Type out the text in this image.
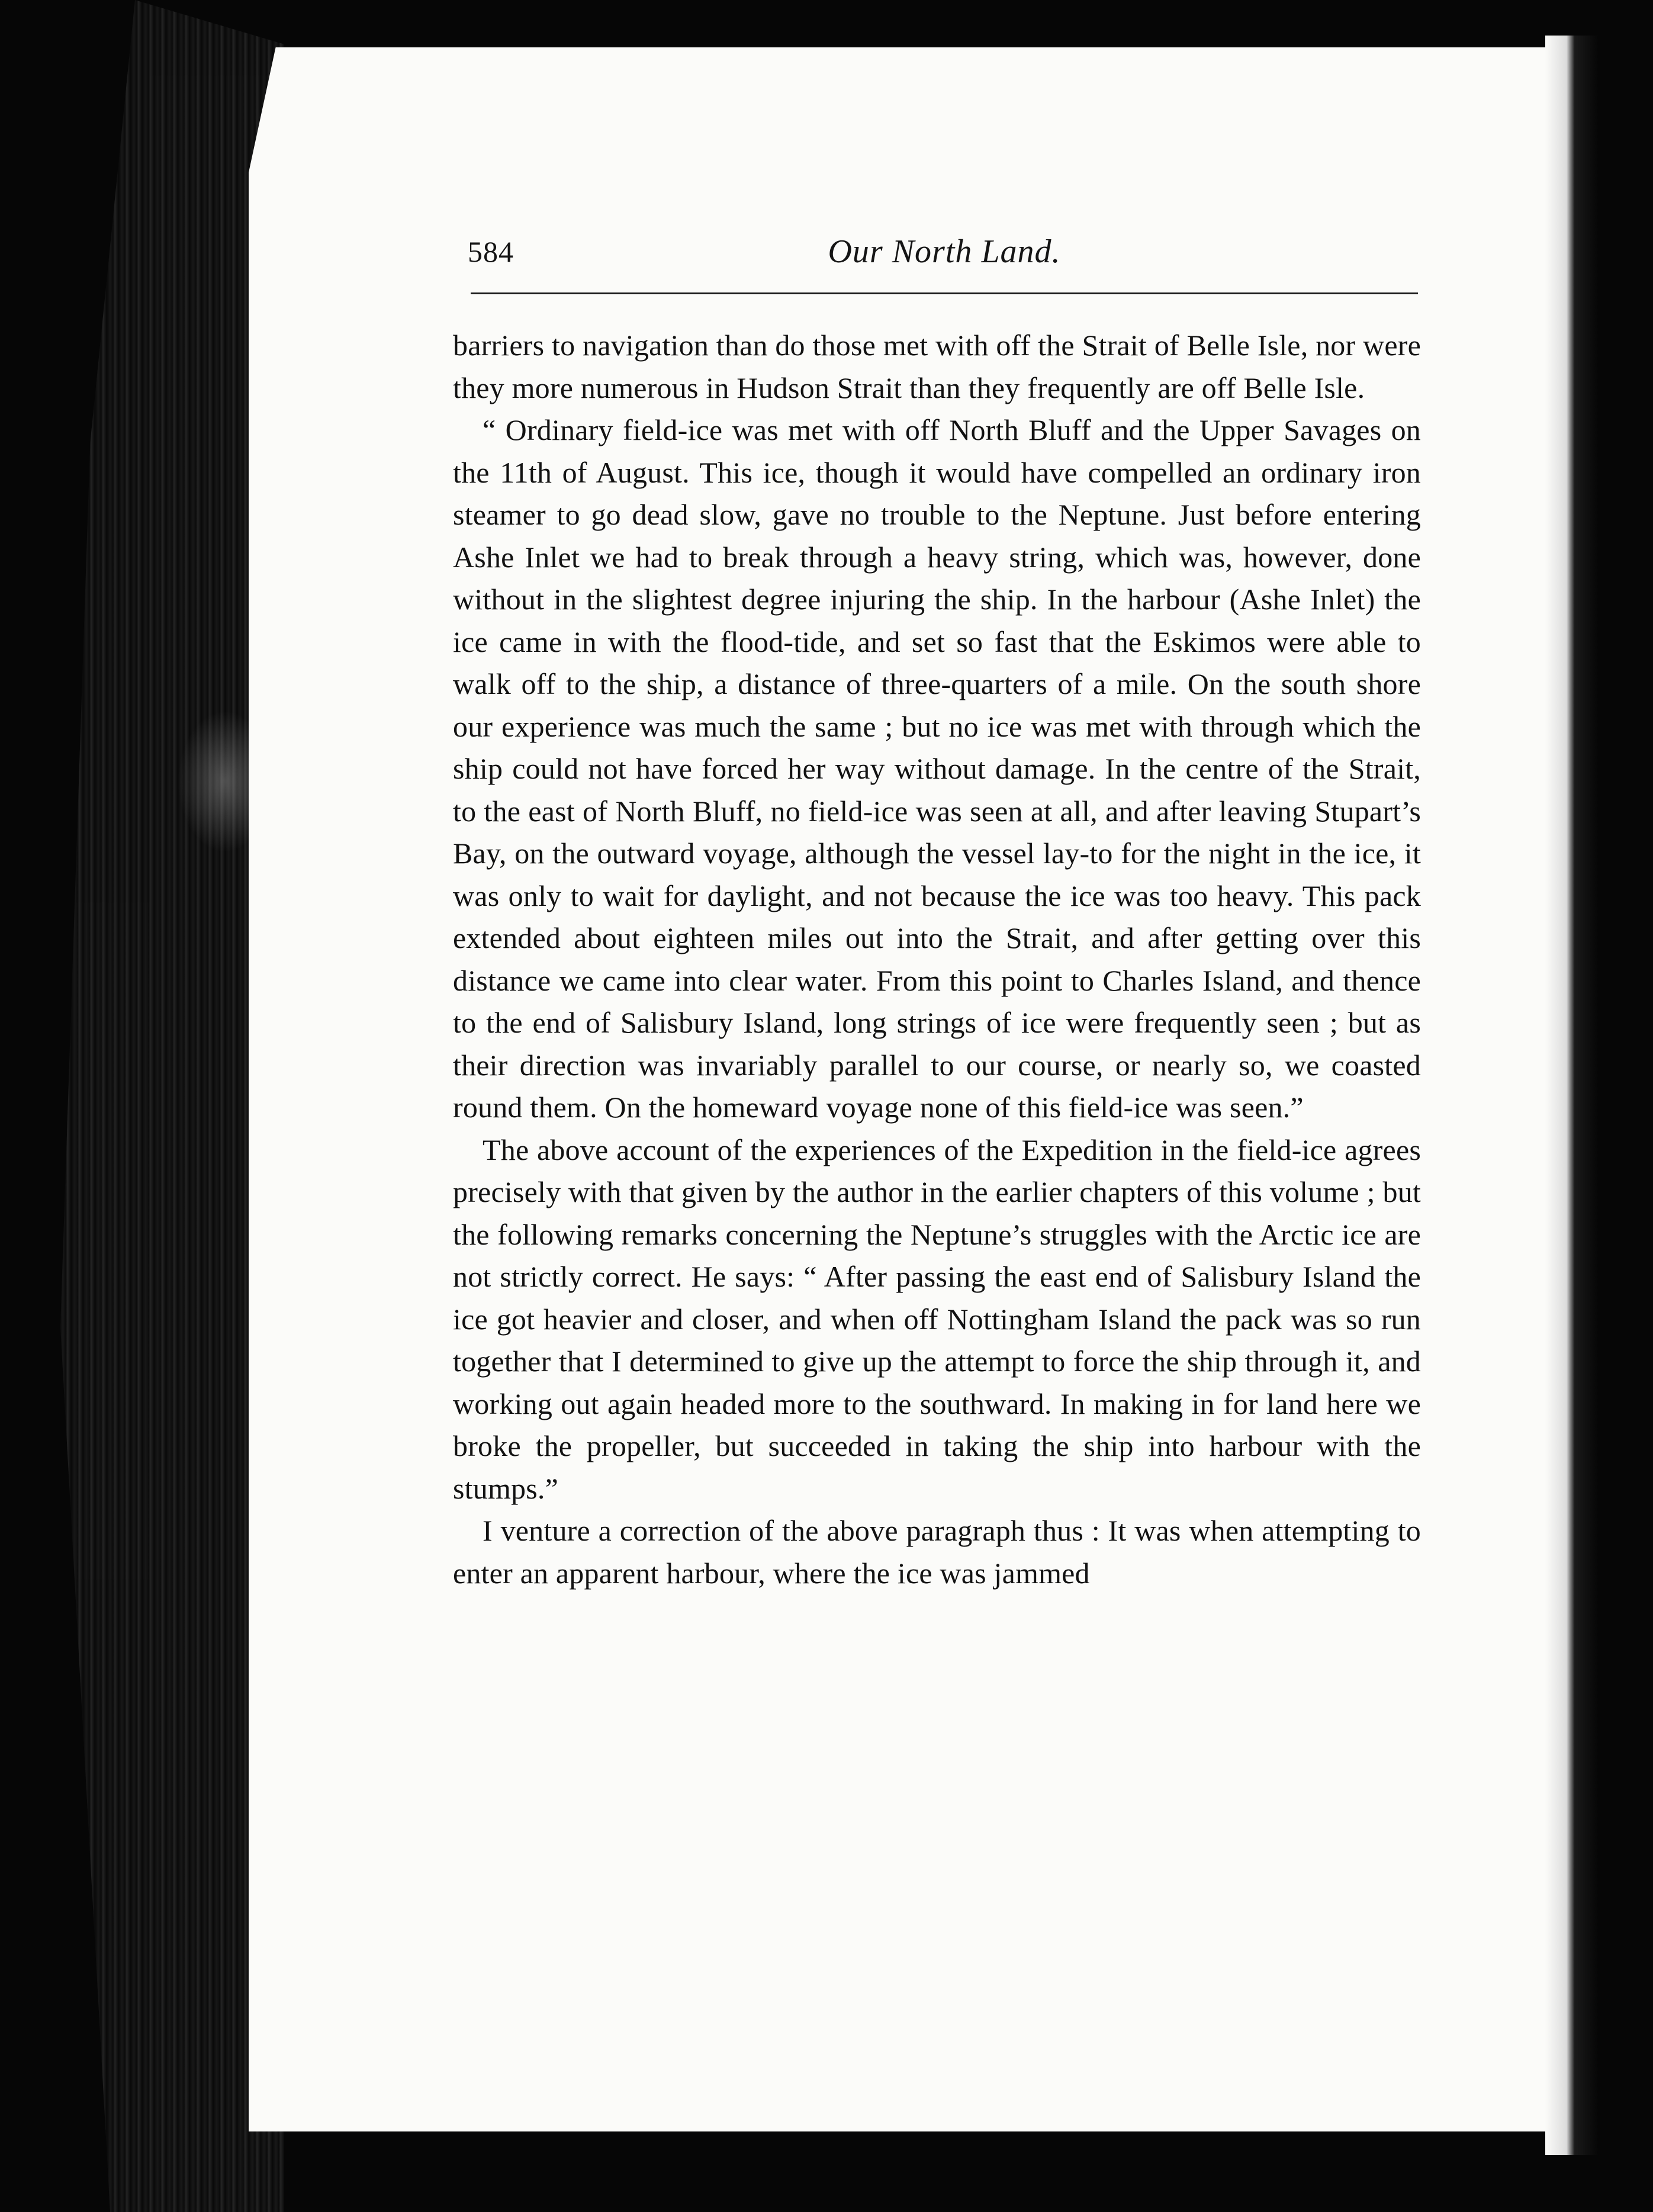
584	Our North Land.

barriers to navigation than do those met with off the Strait of Belle Isle, nor were they more numerous in Hudson Strait than they frequently are off Belle Isle.

“ Ordinary field-ice was met with off North Bluff and the Upper Savages on the 11th of August. This ice, though it would have compelled an ordinary iron steamer to go dead slow, gave no trouble to the Neptune. Just before entering Ashe Inlet we had to break through a heavy string, which was, however, done without in the slightest degree injuring the ship. In the harbour (Ashe Inlet) the ice came in with the flood-tide, and set so fast that the Eskimos were able to walk off to the ship, a distance of three-quarters of a mile. On the south shore our experience was much the same ; but no ice was met with through which the ship could not have forced her way without damage. In the centre of the Strait, to the east of North Bluff, no field-ice was seen at all, and after leaving Stupart’s Bay, on the outward voyage, although the vessel lay-to for the night in the ice, it was only to wait for daylight, and not because the ice was too heavy. This pack extended about eighteen miles out into the Strait, and after getting over this distance we came into clear water. From this point to Charles Island, and thence to the end of Salisbury Island, long strings of ice were frequently seen ; but as their direction was invariably parallel to our course, or nearly so, we coasted round them. On the homeward voyage none of this field-ice was seen.”

The above account of the experiences of the Expedition in the field-ice agrees precisely with that given by the author in the earlier chapters of this volume ; but the following remarks concerning the Neptune’s struggles with the Arctic ice are not strictly correct. He says: “ After passing the east end of Salisbury Island the ice got heavier and closer, and when off Nottingham Island the pack was so run together that I determined to give up the attempt to force the ship through it, and working out again headed more to the southward. In making in for land here we broke the propeller, but succeeded in taking the ship into harbour with the stumps.”

I venture a correction of the above paragraph thus : It was when attempting to enter an apparent harbour, where the ice was jammed
